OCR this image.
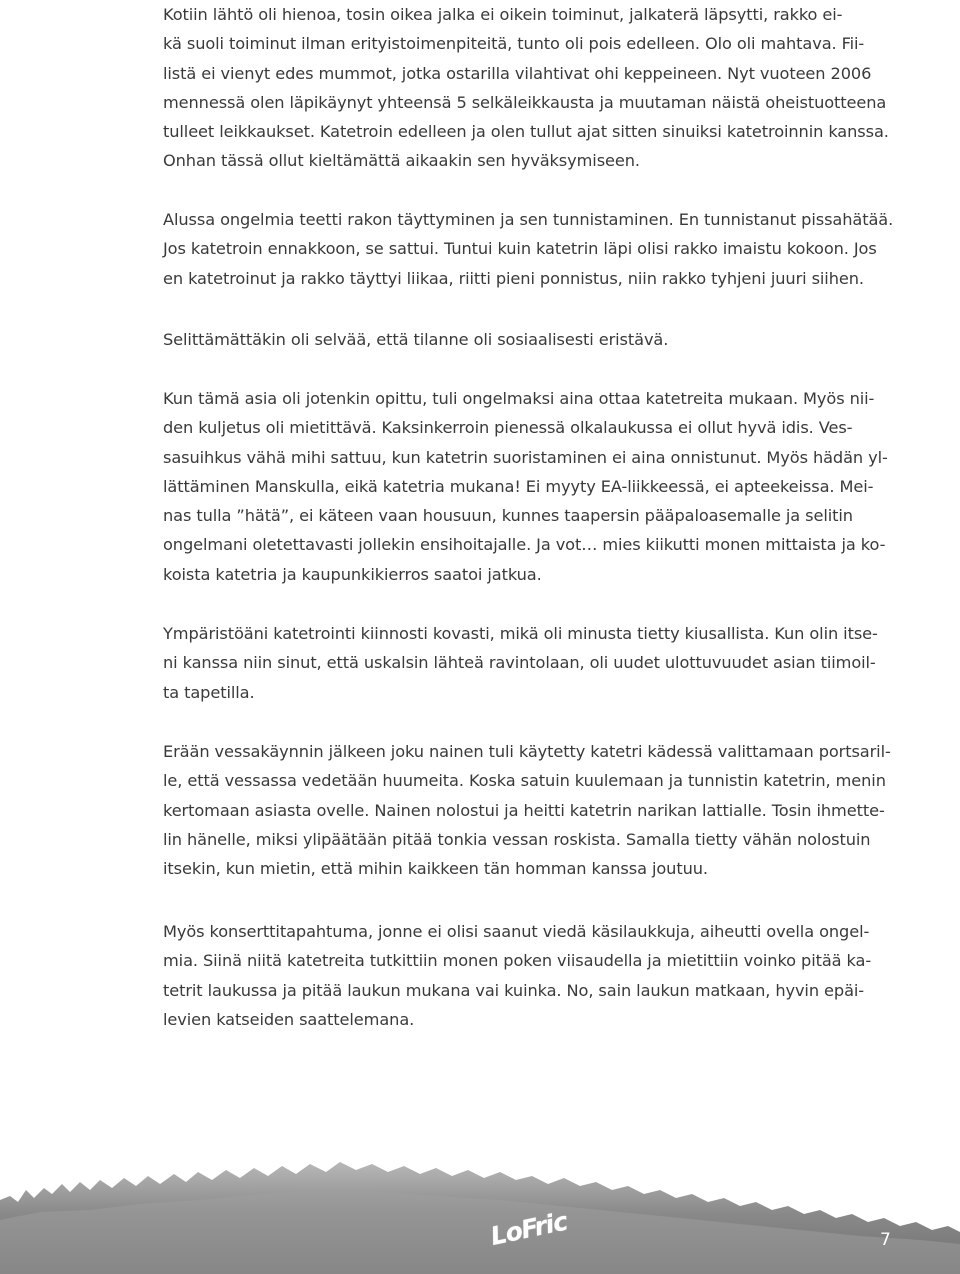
Kotiin lähtö oli hienoa, tosin oikea jalka ei oikein toiminut, jalkaterä läpsytti, rakko ei-
kä suoli toiminut ilman erityistoimenpiteitä, tunto oli pois edelleen. Olo oli mahtava. Fii-
listä ei vienyt edes mummot, jotka ostarilla vilahtivat ohi keppeineen. Nyt vuoteen 2006
mennessä olen läpikäynyt yhteensä 5 selkäleikkausta ja muutaman näistä oheistuotteena
tulleet leikkaukset. Katetroin edelleen ja olen tullut ajat sitten sinuiksi katetroinnin kanssa.
Onhan tässä ollut kieltämättä aikaakin sen hyväksymiseen.
Alussa ongelmia teetti rakon täyttyminen ja sen tunnistaminen. En tunnistanut pissahätää.
Jos katetroin ennakkoon, se sattui. Tuntui kuin katetrin läpi olisi rakko imaistu kokoon. Jos
en katetroinut ja rakko täyttyi liikaa, riitti pieni ponnistus, niin rakko tyhjeni juuri siihen.
Selittämättäkin oli selvää, että tilanne oli sosiaalisesti eristävä.
Kun tämä asia oli jotenkin opittu, tuli ongelmaksi aina ottaa katetreita mukaan. Myös nii-
den kuljetus oli mietittävä. Kaksinkerroin pienessä olkalaukussa ei ollut hyvä idis. Ves-
sasuihkus vähä mihi sattuu, kun katetrin suoristaminen ei aina onnistunut. Myös hädän yl-
lättäminen Manskulla, eikä katetria mukana! Ei myyty EA-liikkeessä, ei apteekeissa. Mei-
nas tulla ”hätä”, ei käteen vaan housuun, kunnes taapersin pääpaloasemalle ja selitin
ongelmani oletettavasti jollekin ensihoitajalle. Ja vot… mies kiikutti monen mittaista ja ko-
koista katetria ja kaupunkikierros saatoi jatkua.
Ympäristöäni katetrointi kiinnosti kovasti, mikä oli minusta tietty kiusallista. Kun olin itse-
ni kanssa niin sinut, että uskalsin lähteä ravintolaan, oli uudet ulottuvuudet asian tiimoil-
ta tapetilla.
Erään vessakäynnin jälkeen joku nainen tuli käytetty katetri kädessä valittamaan portsaril-
le, että vessassa vedetään huumeita. Koska satuin kuulemaan ja tunnistin katetrin, menin
kertomaan asiasta ovelle. Nainen nolostui ja heitti katetrin narikan lattialle. Tosin ihmette-
lin hänelle, miksi ylipäätään pitää tonkia vessan roskista. Samalla tietty vähän nolostuin
itsekin, kun mietin, että mihin kaikkeen tän homman kanssa joutuu.
Myös konserttitapahtuma, jonne ei olisi saanut viedä käsilaukkuja, aiheutti ovella ongel-
mia. Siinä niitä katetreita tutkittiin monen poken viisaudella ja mietittiin voinko pitää ka-
tetrit laukussa ja pitää laukun mukana vai kuinka. No, sain laukun matkaan, hyvin epäi-
levien katseiden saattelemana.
LoFric	7
